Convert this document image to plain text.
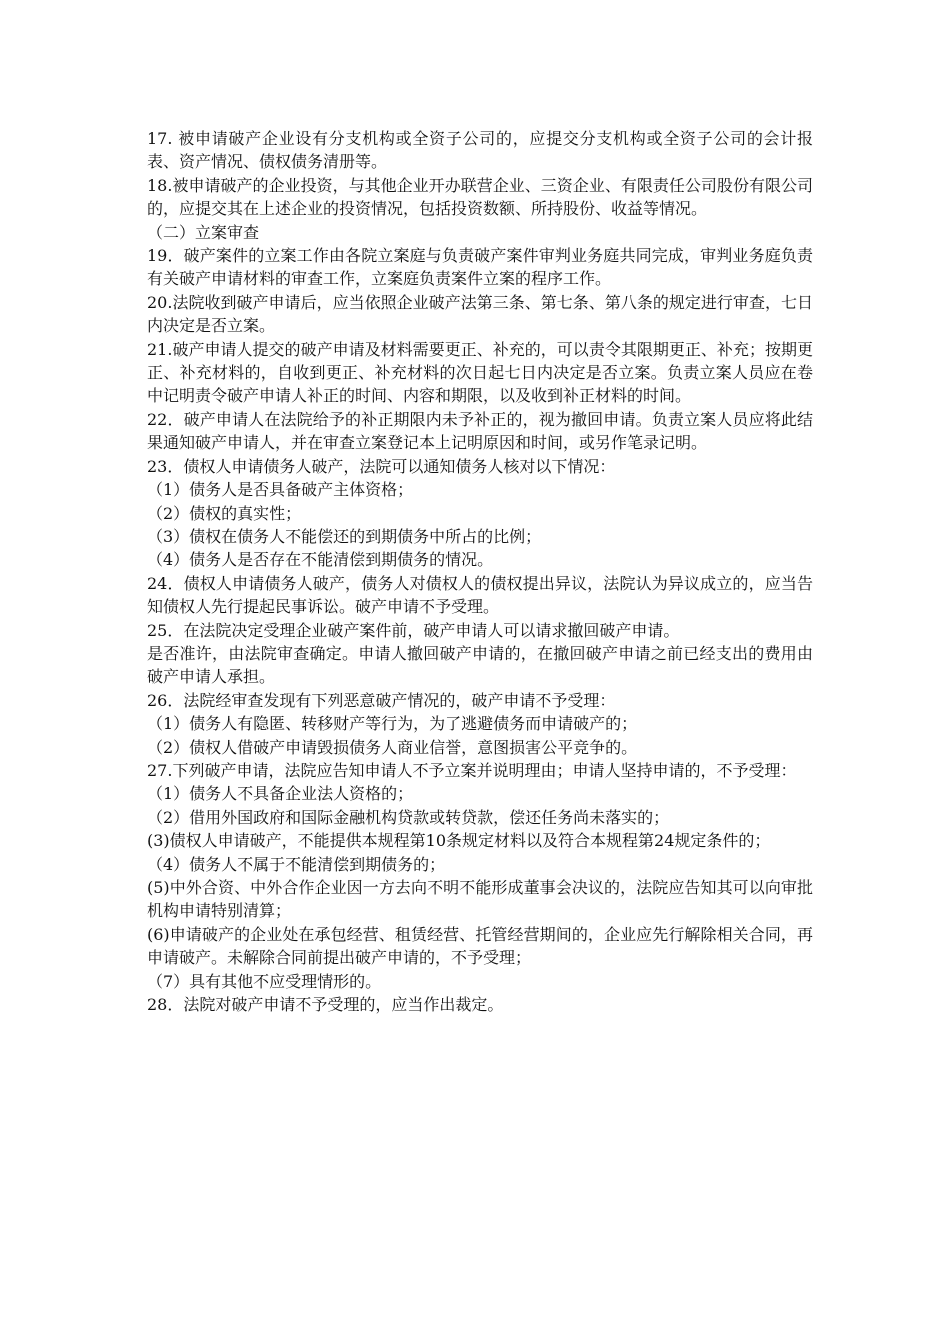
17. 被申请破产企业设有分支机构或全资子公司的，应提交分支机构或全资子公司的会计报表、资产情况、债权债务清册等。

18.被申请破产的企业投资，与其他企业开办联营企业、三资企业、有限责任公司股份有限公司的，应提交其在上述企业的投资情况，包括投资数额、所持股份、收益等情况。

（二）立案审查

19．破产案件的立案工作由各院立案庭与负责破产案件审判业务庭共同完成，审判业务庭负责有关破产申请材料的审查工作，立案庭负责案件立案的程序工作。

20.法院收到破产申请后，应当依照企业破产法第三条、第七条、第八条的规定进行审查，七日内决定是否立案。

21.破产申请人提交的破产申请及材料需要更正、补充的，可以责令其限期更正、补充；按期更正、补充材料的，自收到更正、补充材料的次日起七日内决定是否立案。负责立案人员应在卷中记明责令破产申请人补正的时间、内容和期限，以及收到补正材料的时间。

22．破产申请人在法院给予的补正期限内未予补正的，视为撤回申请。负责立案人员应将此结果通知破产申请人，并在审查立案登记本上记明原因和时间，或另作笔录记明。

23．债权人申请债务人破产，法院可以通知债务人核对以下情况：

（1）债务人是否具备破产主体资格；

（2）债权的真实性；

（3）债权在债务人不能偿还的到期债务中所占的比例；

（4）债务人是否存在不能清偿到期债务的情况。

24．债权人申请债务人破产，债务人对债权人的债权提出异议，法院认为异议成立的，应当告知债权人先行提起民事诉讼。破产申请不予受理。

25．在法院决定受理企业破产案件前，破产申请人可以请求撤回破产申请。

是否准许，由法院审查确定。申请人撤回破产申请的，在撤回破产申请之前已经支出的费用由破产申请人承担。

26．法院经审查发现有下列恶意破产情况的，破产申请不予受理：

（1）债务人有隐匿、转移财产等行为，为了逃避债务而申请破产的；

（2）债权人借破产申请毁损债务人商业信誉，意图损害公平竞争的。

27.下列破产申请，法院应告知申请人不予立案并说明理由；申请人坚持申请的，不予受理：

（1）债务人不具备企业法人资格的；

（2）借用外国政府和国际金融机构贷款或转贷款，偿还任务尚未落实的；

(3)债权人申请破产，不能提供本规程第10条规定材料以及符合本规程第24规定条件的；

（4）债务人不属于不能清偿到期债务的；

(5)中外合资、中外合作企业因一方去向不明不能形成董事会决议的，法院应告知其可以向审批机构申请特别清算；

(6)申请破产的企业处在承包经营、租赁经营、托管经营期间的，企业应先行解除相关合同，再申请破产。未解除合同前提出破产申请的，不予受理；

（7）具有其他不应受理情形的。

28．法院对破产申请不予受理的，应当作出裁定。
